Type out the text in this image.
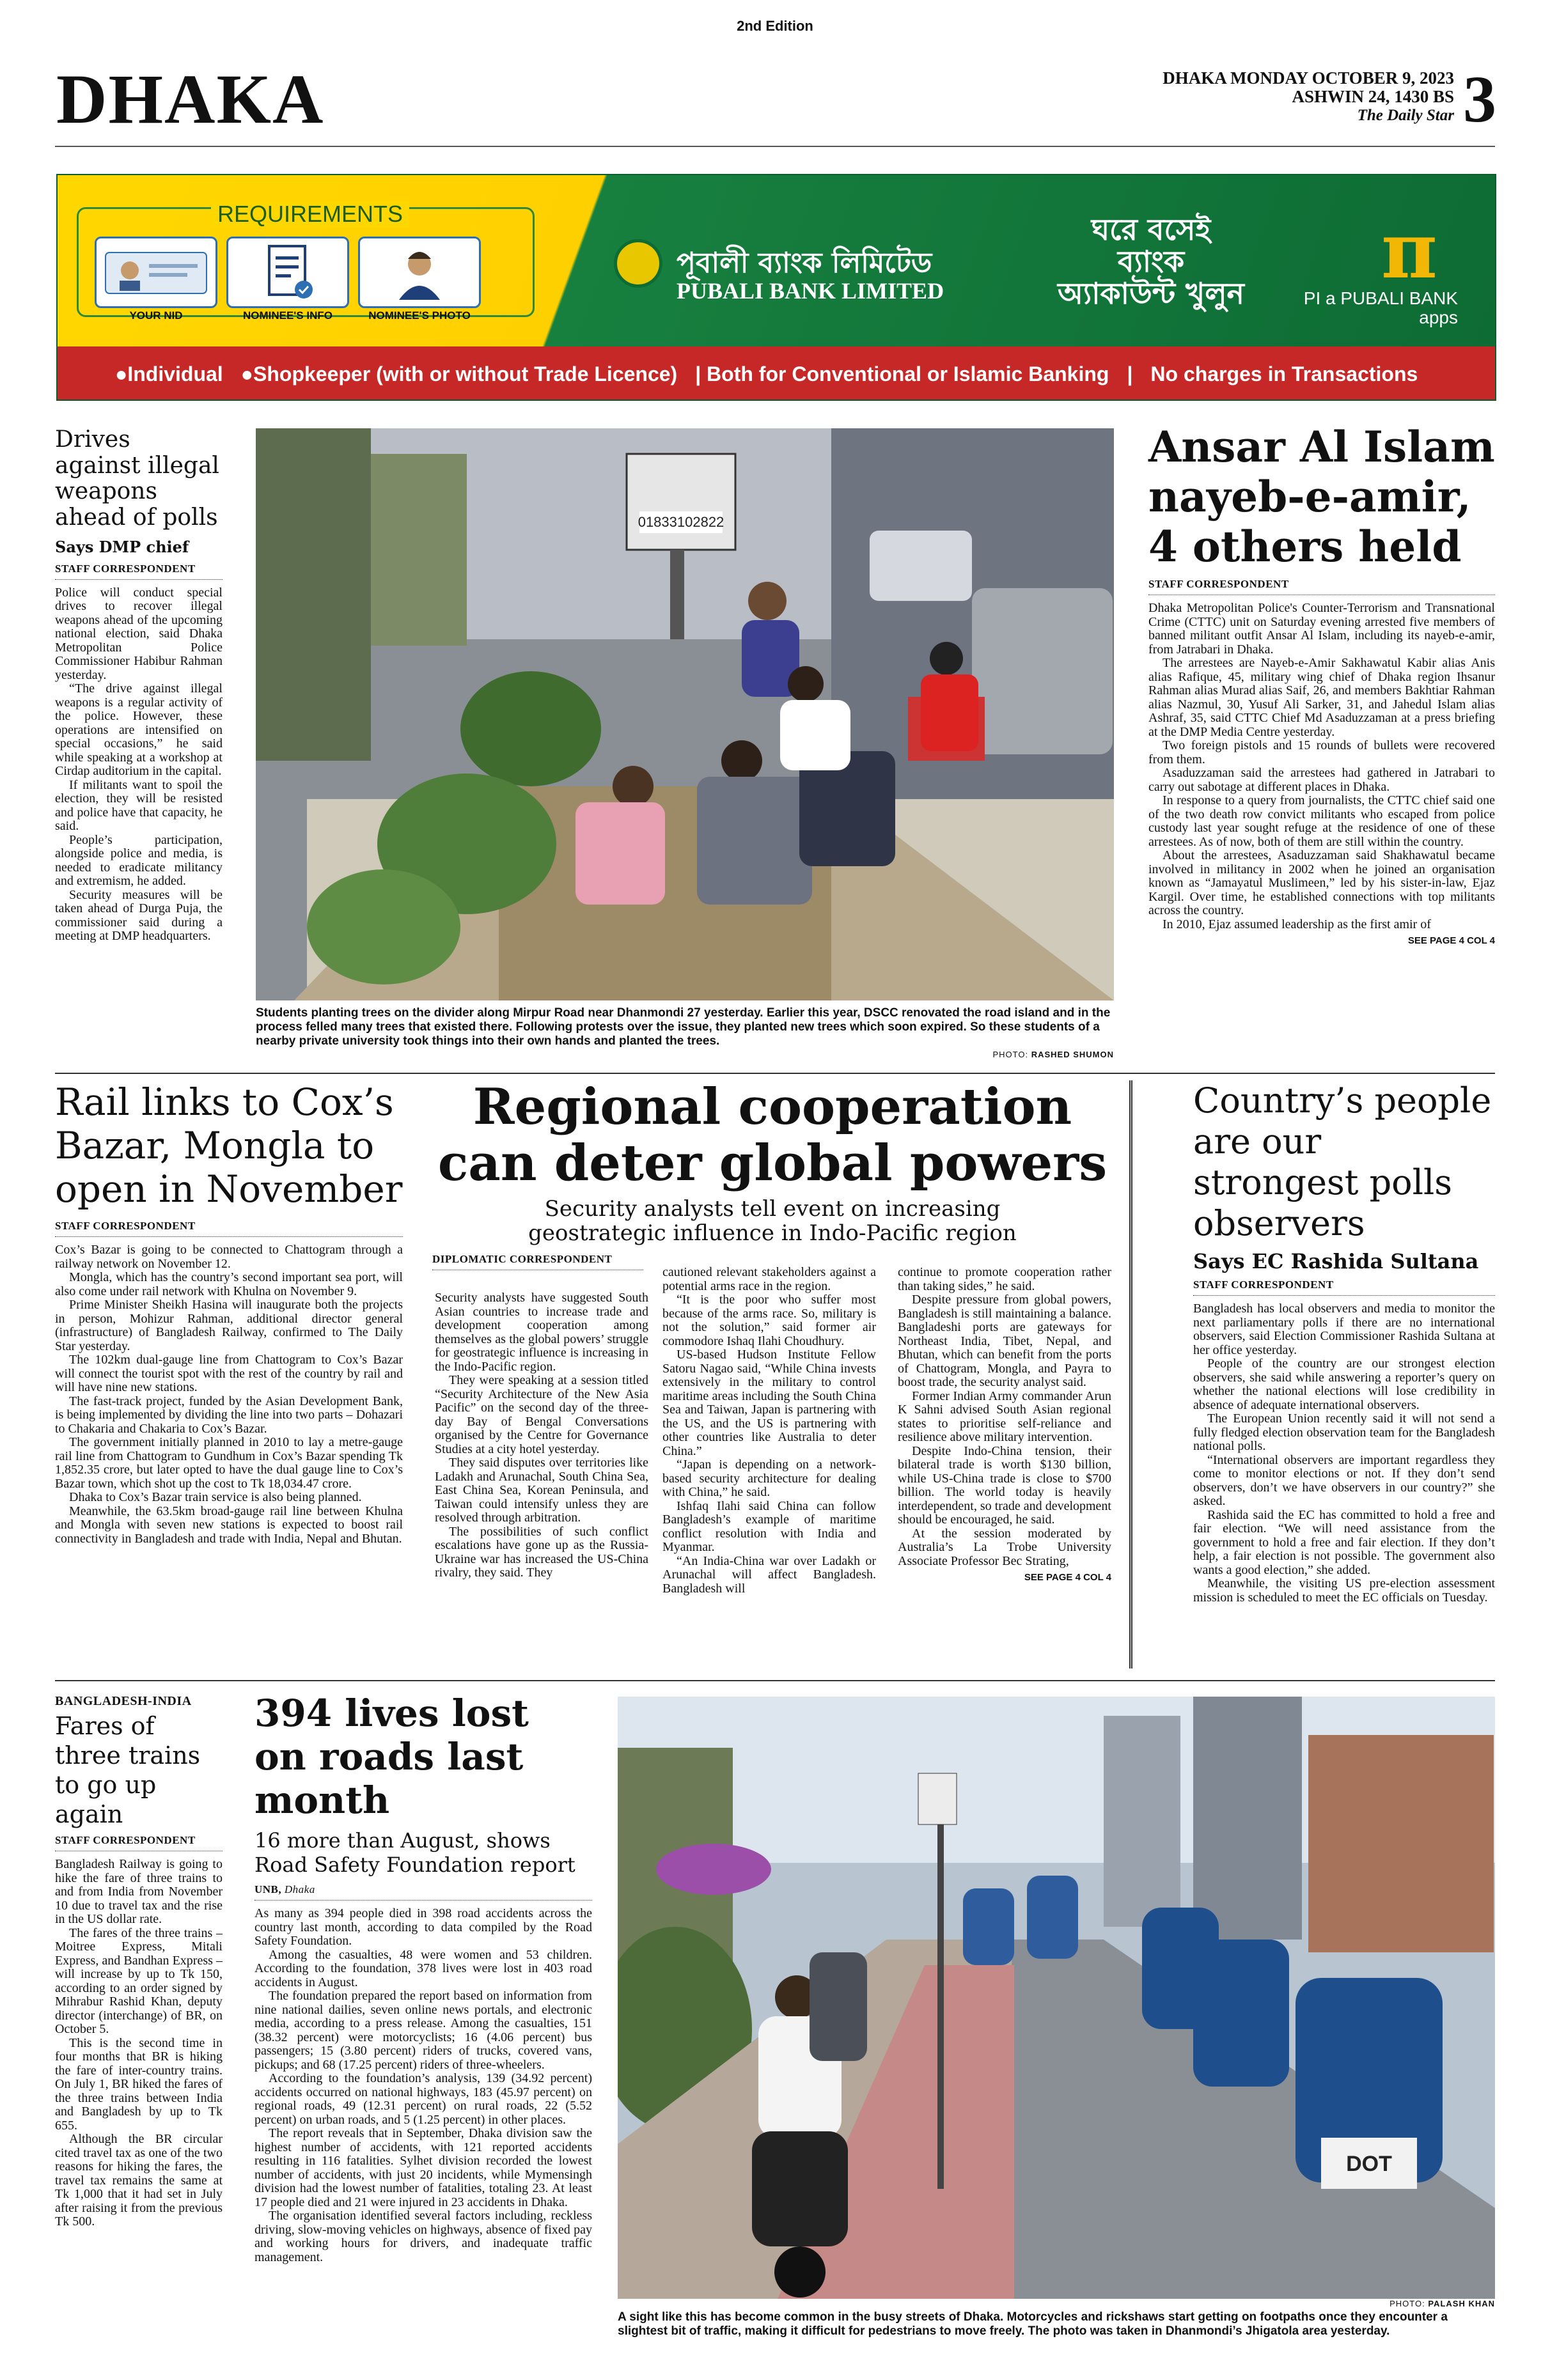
2nd Edition
DHAKA	DHAKA MONDAY OCTOBER 9, 2023
ASHWIN 24, 1430 BS
The Daily Star 3
REQUIREMENTS
YOUR NID	NOMINEE'S INFO	NOMINEE'S PHOTO
পূবালী ব্যাংক লিমিটেড
PUBALI BANK LIMITED
ঘরে বসেই ব্যাংক অ্যাকাউন্ট খুলুন π
PI a PUBALI BANK
apps
●Individual ●Shopkeeper (with or without Trade Licence) | Both for Conventional or Islamic Banking | No charges in Transactions
Drives against illegal weapons ahead of polls
Says DMP chief
STAFF CORRESPONDENT

Police will conduct special drives to recover illegal weapons ahead of the upcoming national election, said Dhaka Metropolitan Police Commissioner Habibur Rahman yesterday.

“The drive against illegal weapons is a regular activity of the police. However, these operations are intensified on special occasions,” he said while speaking at a workshop at Cirdap auditorium in the capital.

If militants want to spoil the election, they will be resisted and police have that capacity, he said.

People’s participation, alongside police and media, is needed to eradicate militancy and extremism, he added.

Security measures will be taken ahead of Durga Puja, the commissioner said during a meeting at DMP headquarters.

01833102822
Students planting trees on the divider along Mirpur Road near Dhanmondi 27 yesterday. Earlier this year, DSCC renovated the road island and in the process felled many trees that existed there. Following protests over the issue, they planted new trees which soon expired. So these students of a nearby private university took things into their own hands and planted the trees.
PHOTO: RASHED SHUMON
Ansar Al Islam nayeb-e-amir, 4 others held
STAFF CORRESPONDENT

Dhaka Metropolitan Police's Counter-Terrorism and Transnational Crime (CTTC) unit on Saturday evening arrested five members of banned militant outfit Ansar Al Islam, including its nayeb-e-amir, from Jatrabari in Dhaka.

The arrestees are Nayeb-e-Amir Sakhawatul Kabir alias Anis alias Rafique, 45, military wing chief of Dhaka region Ihsanur Rahman alias Murad alias Saif, 26, and members Bakhtiar Rahman alias Nazmul, 30, Yusuf Ali Sarker, 31, and Jahedul Islam alias Ashraf, 35, said CTTC Chief Md Asaduzzaman at a press briefing at the DMP Media Centre yesterday.

Two foreign pistols and 15 rounds of bullets were recovered from them.

Asaduzzaman said the arrestees had gathered in Jatrabari to carry out sabotage at different places in Dhaka.

In response to a query from journalists, the CTTC chief said one of the two death row convict militants who escaped from police custody last year sought refuge at the residence of one of these arrestees. As of now, both of them are still within the country.

About the arrestees, Asaduzzaman said Shakhawatul became involved in militancy in 2002 when he joined an organisation known as “Jamayatul Muslimeen,” led by his sister-in-law, Ejaz Kargil. Over time, he established connections with top militants across the country.

In 2010, Ejaz assumed leadership as the first amir of

SEE PAGE 4 COL 4
Rail links to Cox’s Bazar, Mongla to open in November
STAFF CORRESPONDENT

Cox’s Bazar is going to be connected to Chattogram through a railway network on November 12.

Mongla, which has the country’s second important sea port, will also come under rail network with Khulna on November 9.

Prime Minister Sheikh Hasina will inaugurate both the projects in person, Mohizur Rahman, additional director general (infrastructure) of Bangladesh Railway, confirmed to The Daily Star yesterday.

The 102km dual-gauge line from Chattogram to Cox’s Bazar will connect the tourist spot with the rest of the country by rail and will have nine new stations.

The fast-track project, funded by the Asian Development Bank, is being implemented by dividing the line into two parts – Dohazari to Chakaria and Chakaria to Cox’s Bazar.

The government initially planned in 2010 to lay a metre-gauge rail line from Chattogram to Gundhum in Cox’s Bazar spending Tk 1,852.35 crore, but later opted to have the dual gauge line to Cox’s Bazar town, which shot up the cost to Tk 18,034.47 crore.

Dhaka to Cox’s Bazar train service is also being planned.

Meanwhile, the 63.5km broad-gauge rail line between Khulna and Mongla with seven new stations is expected to boost rail connectivity in Bangladesh and trade with India, Nepal and Bhutan.

Regional cooperation can deter global powers
Security analysts tell event on increasing geostrategic influence in Indo-Pacific region
DIPLOMATIC CORRESPONDENT

Security analysts have suggested South Asian countries to increase trade and development cooperation among themselves as the global powers’ struggle for geostrategic influence is increasing in the Indo-Pacific region.

They were speaking at a session titled “Security Architecture of the New Asia Pacific” on the second day of the three-day Bay of Bengal Conversations organised by the Centre for Governance Studies at a city hotel yesterday.

They said disputes over territories like Ladakh and Arunachal, South China Sea, East China Sea, Korean Peninsula, and Taiwan could intensify unless they are resolved through arbitration.

The possibilities of such conflict escalations have gone up as the Russia-Ukraine war has increased the US-China rivalry, they said. They

cautioned relevant stakeholders against a potential arms race in the region.

“It is the poor who suffer most because of the arms race. So, military is not the solution,” said former air commodore Ishaq Ilahi Choudhury.

US-based Hudson Institute Fellow Satoru Nagao said, “While China invests extensively in the military to control maritime areas including the South China Sea and Taiwan, Japan is partnering with the US, and the US is partnering with other countries like Australia to deter China.”

“Japan is depending on a network-based security architecture for dealing with China,” he said.

Ishfaq Ilahi said China can follow Bangladesh’s example of maritime conflict resolution with India and Myanmar.

“An India-China war over Ladakh or Arunachal will affect Bangladesh. Bangladesh will

continue to promote cooperation rather than taking sides,” he said.

Despite pressure from global powers, Bangladesh is still maintaining a balance. Bangladeshi ports are gateways for Northeast India, Tibet, Nepal, and Bhutan, which can benefit from the ports of Chattogram, Mongla, and Payra to boost trade, the security analyst said.

Former Indian Army commander Arun K Sahni advised South Asian regional states to prioritise self-reliance and resilience above military intervention.

Despite Indo-China tension, their bilateral trade is worth $130 billion, while US-China trade is close to $700 billion. The world today is heavily interdependent, so trade and development should be encouraged, he said.

At the session moderated by Australia’s La Trobe University Associate Professor Bec Strating,

SEE PAGE 4 COL 4
Country’s people are our strongest polls observers
Says EC Rashida Sultana
STAFF CORRESPONDENT

Bangladesh has local observers and media to monitor the next parliamentary polls if there are no international observers, said Election Commissioner Rashida Sultana at her office yesterday.

People of the country are our strongest election observers, she said while answering a reporter’s query on whether the national elections will lose credibility in absence of adequate international observers.

The European Union recently said it will not send a fully fledged election observation team for the Bangladesh national polls.

“International observers are important regardless they come to monitor elections or not. If they don’t send observers, don’t we have observers in our country?” she asked.

Rashida said the EC has committed to hold a free and fair election. “We will need assistance from the government to hold a free and fair election. If they don’t help, a fair election is not possible. The government also wants a good election,” she added.

Meanwhile, the visiting US pre-election assessment mission is scheduled to meet the EC officials on Tuesday.

BANGLADESH-INDIA
Fares of three trains to go up again
STAFF CORRESPONDENT

Bangladesh Railway is going to hike the fare of three trains to and from India from November 10 due to travel tax and the rise in the US dollar rate.

The fares of the three trains – Moitree Express, Mitali Express, and Bandhan Express – will increase by up to Tk 150, according to an order signed by Mihrabur Rashid Khan, deputy director (interchange) of BR, on October 5.

This is the second time in four months that BR is hiking the fare of inter-country trains. On July 1, BR hiked the fares of the three trains between India and Bangladesh by up to Tk 655.

Although the BR circular cited travel tax as one of the two reasons for hiking the fares, the travel tax remains the same at Tk 1,000 that it had set in July after raising it from the previous Tk 500.

394 lives lost on roads last month
16 more than August, shows Road Safety Foundation report
UNB, Dhaka

As many as 394 people died in 398 road accidents across the country last month, according to data compiled by the Road Safety Foundation.

Among the casualties, 48 were women and 53 children. According to the foundation, 378 lives were lost in 403 road accidents in August.

The foundation prepared the report based on information from nine national dailies, seven online news portals, and electronic media, according to a press release. Among the casualties, 151 (38.32 percent) were motorcyclists; 16 (4.06 percent) bus passengers; 15 (3.80 percent) riders of trucks, covered vans, pickups; and 68 (17.25 percent) riders of three-wheelers.

According to the foundation’s analysis, 139 (34.92 percent) accidents occurred on national highways, 183 (45.97 percent) on regional roads, 49 (12.31 percent) on rural roads, 22 (5.52 percent) on urban roads, and 5 (1.25 percent) in other places.

The report reveals that in September, Dhaka division saw the highest number of accidents, with 121 reported accidents resulting in 116 fatalities. Sylhet division recorded the lowest number of accidents, with just 20 incidents, while Mymensingh division had the lowest number of fatalities, totaling 23. At least 17 people died and 21 were injured in 23 accidents in Dhaka.

The organisation identified several factors including, reckless driving, slow-moving vehicles on highways, absence of fixed pay and working hours for drivers, and inadequate traffic management.

DOT
PHOTO: PALASH KHAN
A sight like this has become common in the busy streets of Dhaka. Motorcycles and rickshaws start getting on footpaths once they encounter a slightest bit of traffic, making it difficult for pedestrians to move freely. The photo was taken in Dhanmondi’s Jhigatola area yesterday.
